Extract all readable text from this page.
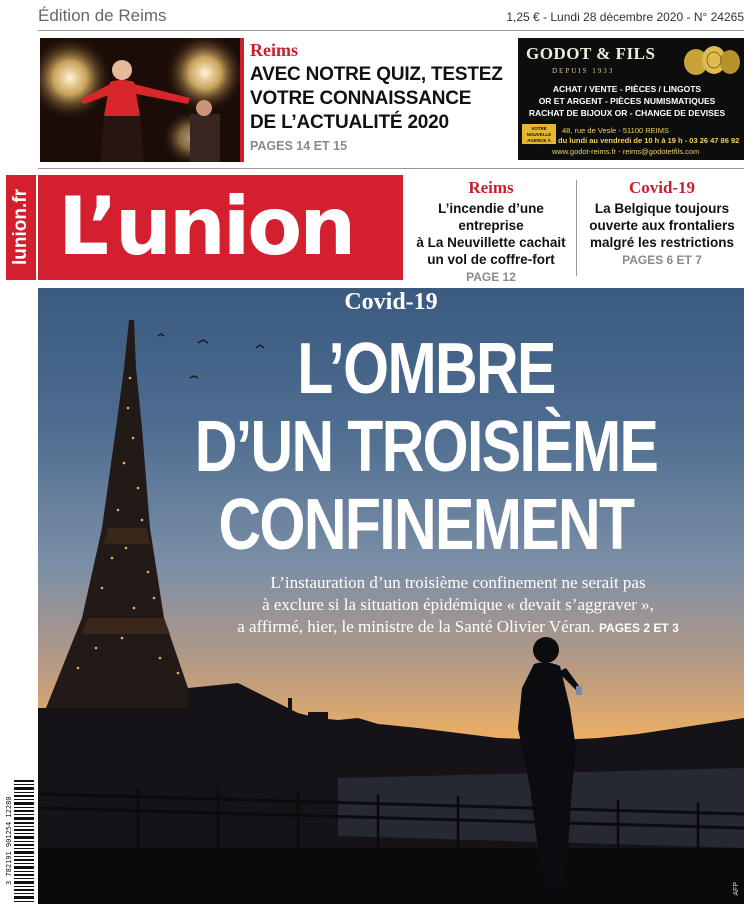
Édition de Reims	1,25 € - Lundi 28 décembre 2020 - N° 24265
Reims
AVEC NOTRE QUIZ, TESTEZ
VOTRE CONNAISSANCE
DE L’ACTUALITÉ 2020
PAGES 14 ET 15
GODOT & FILS
DEPUIS 1933
ACHAT / VENTE - PIÈCES / LINGOTS
OR ET ARGENT - PIÈCES NUMISMATIQUES
RACHAT DE BIJOUX OR - CHANGE DE DEVISES
VOTRE NOUVELLE AGENCE À REIMS
48, rue de Vesle - 51100 REIMS
du lundi au vendredi de 10 h à 19 h - 03 26 47 86 92
www.godot-reims.fr - reims@godotetfils.com
lunion.fr L’union	Reims
L’incendie d’une entreprise
à La Neuvillette cachait
un vol de coffre-fort
PAGE 12
Covid-19
La Belgique toujours
ouverte aux frontaliers
malgré les restrictions
PAGES 6 ET 7
Covid-19
L’OMBRE
D’UN TROISIÈME
CONFINEMENT
L’instauration d’un troisième confinement ne serait pas
à exclure si la situation épidémique « devait s’aggraver »,
a affirmé, hier, le ministre de la Santé Olivier Véran. PAGES 2 ET 3
AFP
3 782191 901254 12280
